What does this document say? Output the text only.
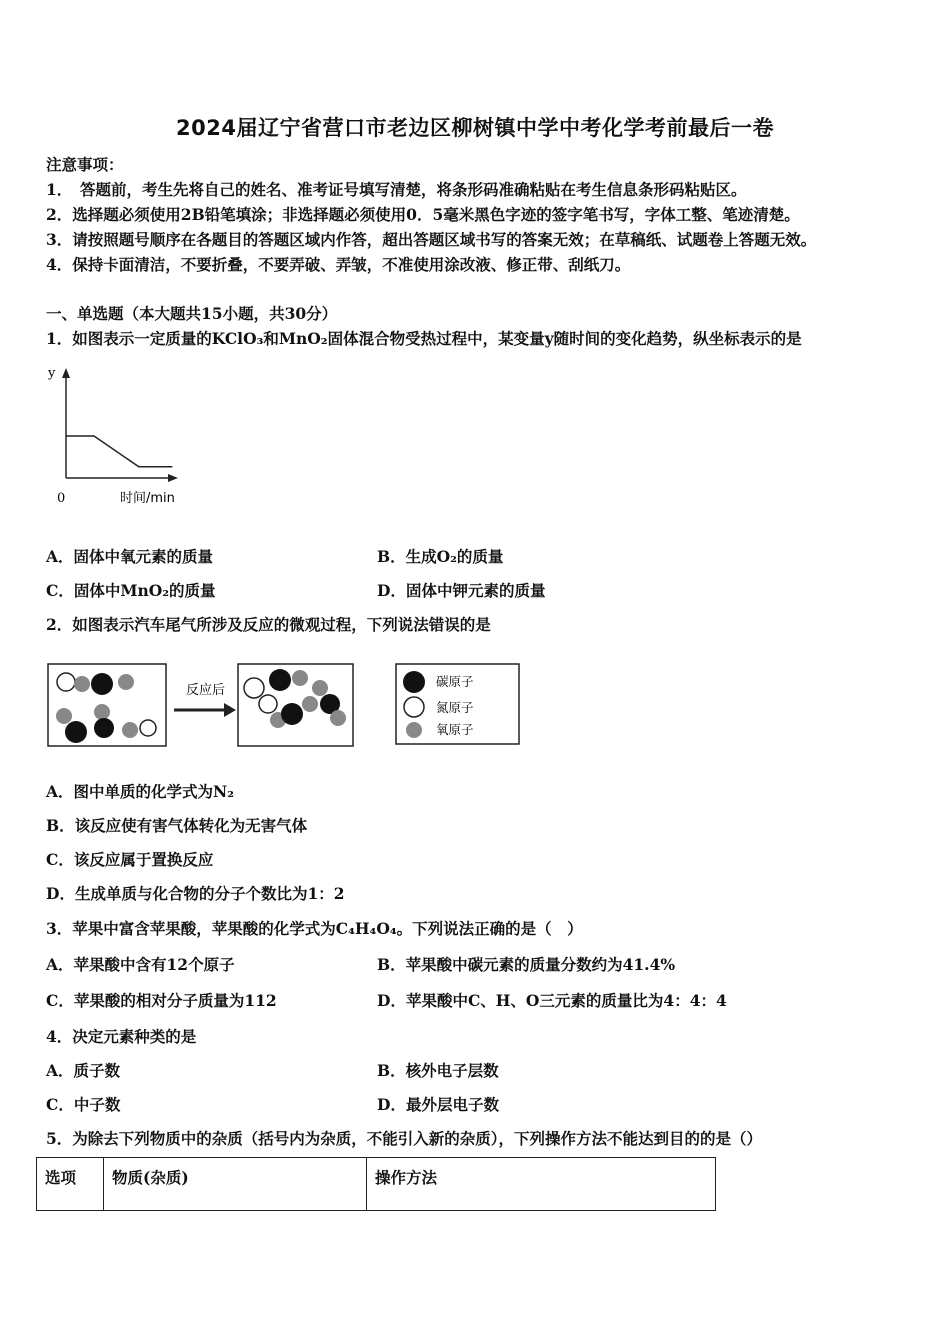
2024届辽宁省营口市老边区柳树镇中学中考化学考前最后一卷
注意事项：
1．　答题前，考生先将自己的姓名、准考证号填写清楚，将条形码准确粘贴在考生信息条形码粘贴区。
2．选择题必须使用2B铅笔填涂；非选择题必须使用0．5毫米黑色字迹的签字笔书写，字体工整、笔迹清楚。
3．请按照题号顺序在各题目的答题区域内作答，超出答题区域书写的答案无效；在草稿纸、试题卷上答题无效。
4．保持卡面清洁，不要折叠，不要弄破、弄皱，不准使用涂改液、修正带、刮纸刀。
一、单选题（本大题共15小题，共30分）
1．如图表示一定质量的KClO₃和MnO₂固体混合物受热过程中，某变量y随时间的变化趋势，纵坐标表示的是
y
0	时间/min
A．固体中氧元素的质量	B．生成O₂的质量
C．固体中MnO₂的质量	D．固体中钾元素的质量
2．如图表示汽车尾气所涉及反应的微观过程，下列说法错误的是
反应后
碳原子
氮原子
氧原子
A．图中单质的化学式为N₂
B．该反应使有害气体转化为无害气体
C．该反应属于置换反应
D．生成单质与化合物的分子个数比为1：2
3．苹果中富含苹果酸，苹果酸的化学式为C₄H₄O₄。下列说法正确的是（　）
A．苹果酸中含有12个原子	B．苹果酸中碳元素的质量分数约为41.4%
C．苹果酸的相对分子质量为112	D．苹果酸中C、H、O三元素的质量比为4：4：4
4．决定元素种类的是
A．质子数	B．核外电子层数
C．中子数	D．最外层电子数
5．为除去下列物质中的杂质（括号内为杂质，不能引入新的杂质），下列操作方法不能达到目的的是（）
选项	物质(杂质)	操作方法
